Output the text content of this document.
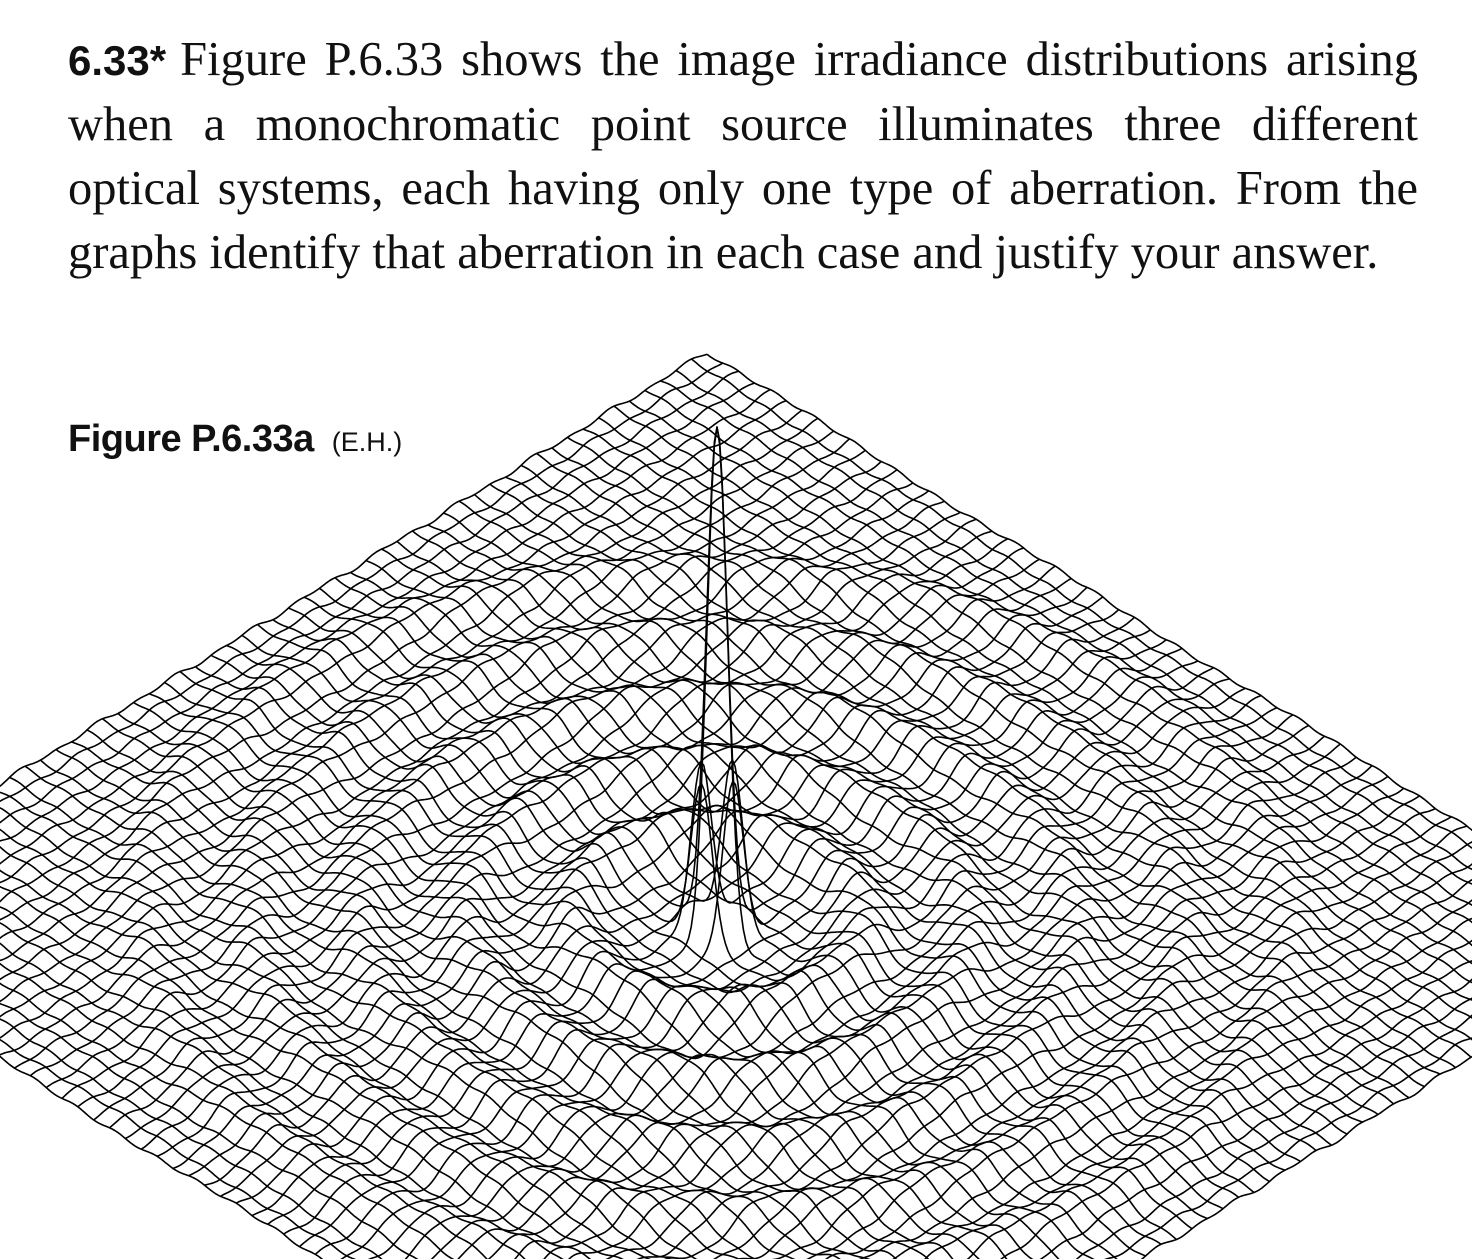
6.33* Figure P.6.33 shows the image irradiance distributions arising when a monochromatic point source illuminates three different optical systems, each having only one type of aberration. From the graphs identify that aberration in each case and justify your answer.
Figure P.6.33a (E.H.)
